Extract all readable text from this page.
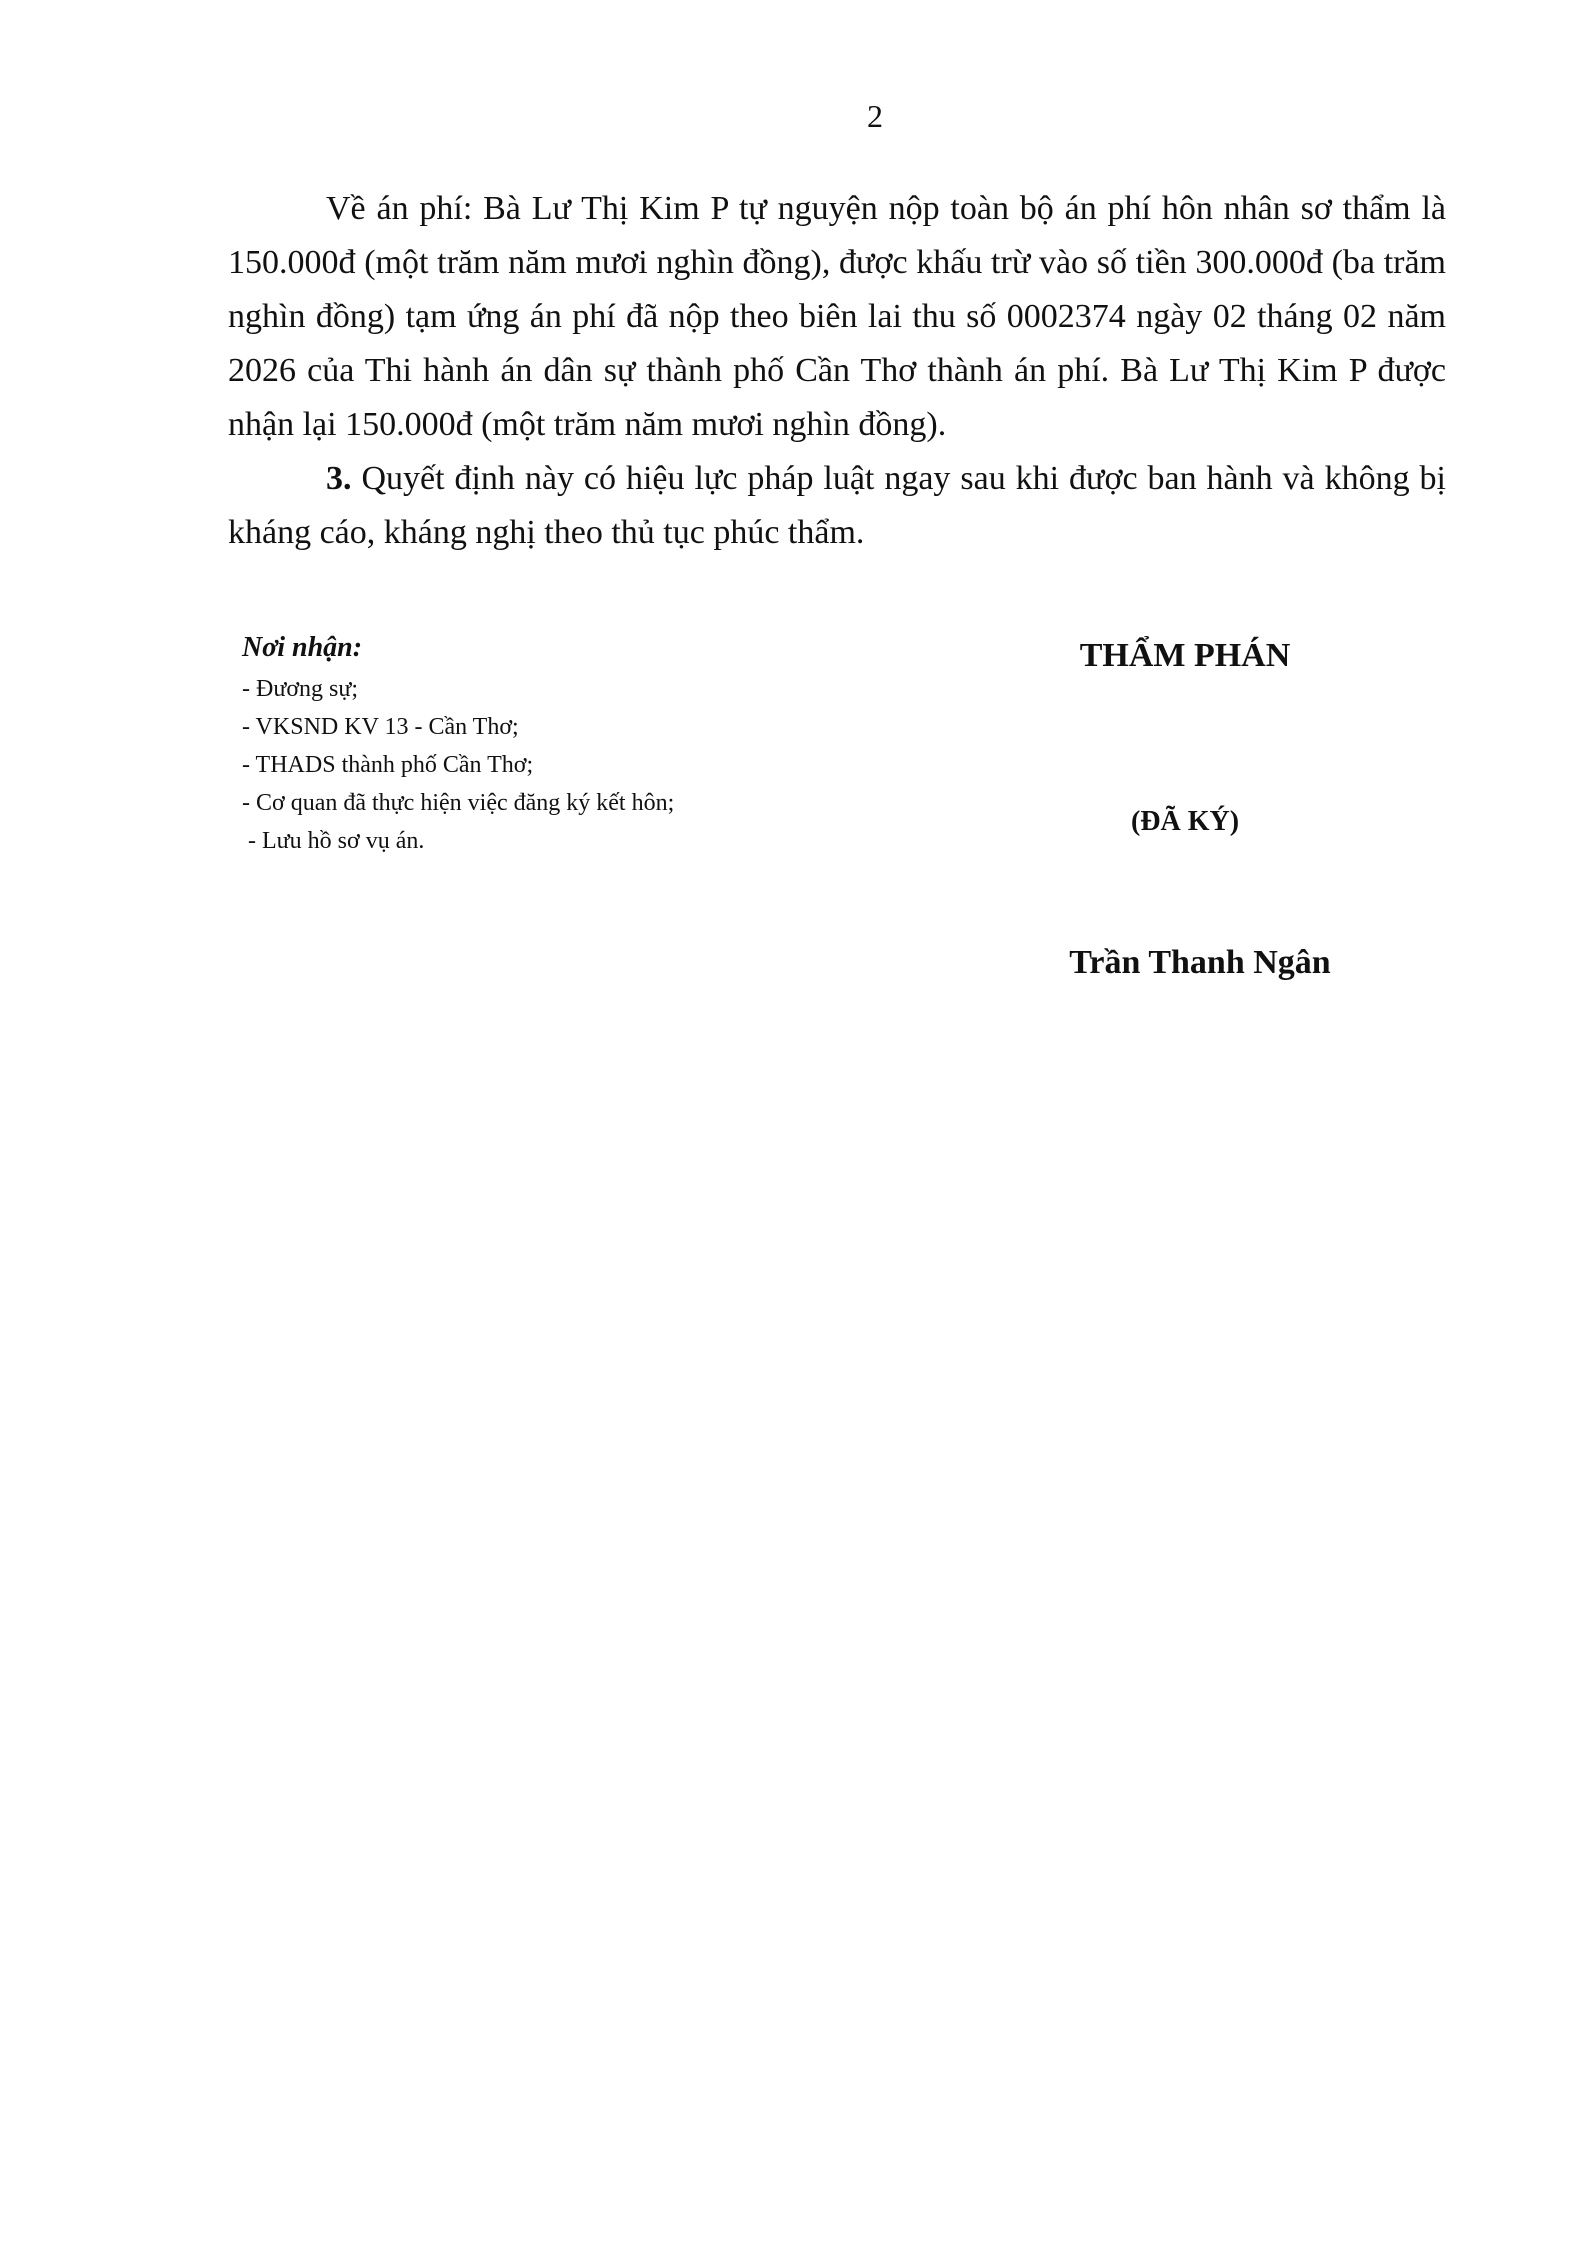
2

Về án phí: Bà Lư Thị Kim P tự nguyện nộp toàn bộ án phí hôn nhân sơ thẩm là 150.000đ (một trăm năm mươi nghìn đồng), được khấu trừ vào số tiền 300.000đ (ba trăm nghìn đồng) tạm ứng án phí đã nộp theo biên lai thu số 0002374 ngày 02 tháng 02 năm 2026 của Thi hành án dân sự thành phố Cần Thơ thành án phí. Bà Lư Thị Kim P được nhận lại 150.000đ (một trăm năm mươi nghìn đồng).

3. Quyết định này có hiệu lực pháp luật ngay sau khi được ban hành và không bị kháng cáo, kháng nghị theo thủ tục phúc thẩm.

Nơi nhận:
- Đương sự;
- VKSND KV 13 - Cần Thơ;
- THADS thành phố Cần Thơ;
- Cơ quan đã thực hiện việc đăng ký kết hôn;
- Lưu hồ sơ vụ án.
THẨM PHÁN
(ĐÃ KÝ)
Trần Thanh Ngân
